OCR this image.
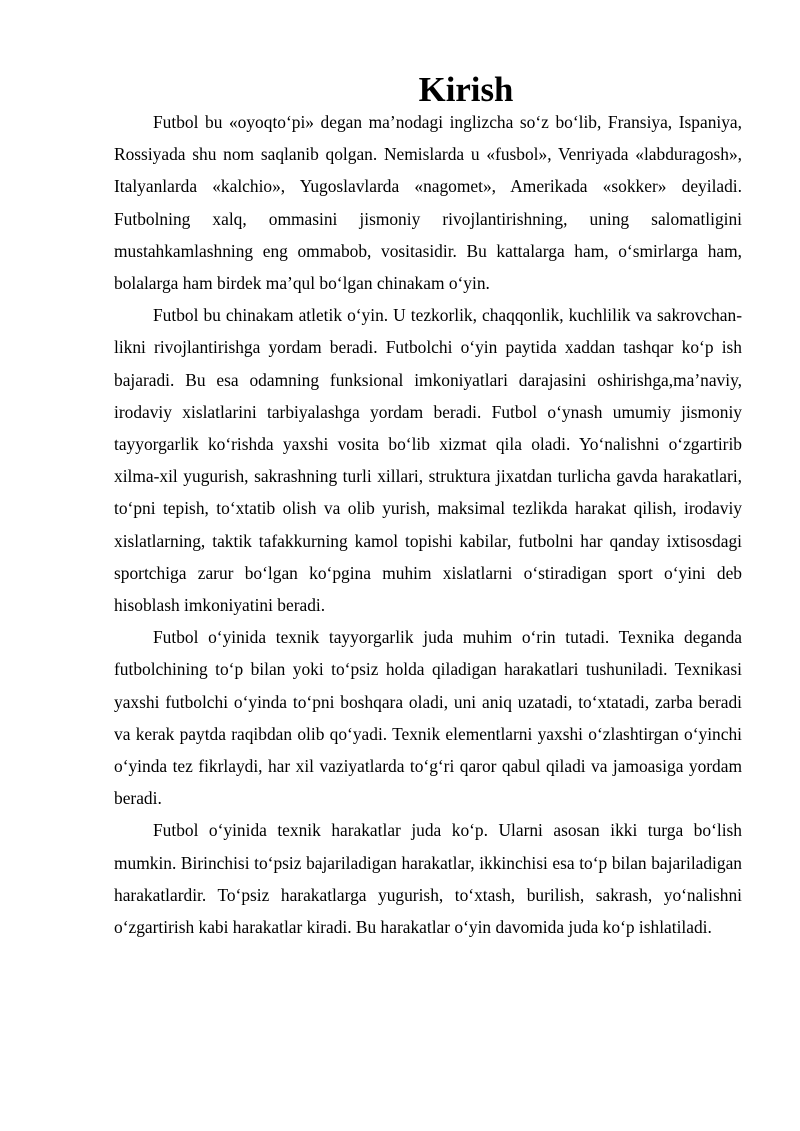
Kirish

Futbol bu «oyoqto‘pi» degan ma’nodagi inglizcha so‘z bo‘lib, Fransiya, Ispaniya, Rossiyada shu nom saqlanib qolgan. Nemislarda u «fusbol», Venriyada «labduragosh», Italyanlarda «kalchio», Yugoslavlarda «nagomet», Amerikada «sokker» deyiladi. Futbolning xalq, ommasini jismoniy rivojlantirishning, uning salomatligini mustahkamlashning eng ommabob, vositasidir. Bu kattalarga ham, o‘smirlarga ham, bolalarga ham birdek ma’qul bo‘lgan chinakam o‘yin.

Futbol bu chinakam atletik o‘yin. U tezkorlik, chaqqonlik, kuchlilik va sakrovchan-likni rivojlantirishga yordam beradi. Futbolchi o‘yin paytida xaddan tashqar ko‘p ish bajaradi. Bu esa odamning funksional imkoniyatlari darajasini oshirishga,ma’naviy, irodaviy xislatlarini tarbiyalashga yordam beradi. Futbol o‘ynash umumiy jismoniy tayyorgarlik ko‘rishda yaxshi vosita bo‘lib xizmat qila oladi. Yo‘nalishni o‘zgartirib xilma-xil yugurish, sakrashning turli xillari, struktura jixatdan turlicha gavda harakatlari, to‘pni tepish, to‘xtatib olish va olib yurish, maksimal tezlikda harakat qilish, irodaviy xislatlarning, taktik tafakkurning kamol topishi kabilar, futbolni har qanday ixtisosdagi sportchiga zarur bo‘lgan ko‘pgina muhim xislatlarni o‘stiradigan sport o‘yini deb hisoblash imkoniyatini beradi.

Futbol o‘yinida texnik tayyorgarlik juda muhim o‘rin tutadi. Texnika deganda futbolchining to‘p bilan yoki to‘psiz holda qiladigan harakatlari tushuniladi. Texnikasi yaxshi futbolchi o‘yinda to‘pni boshqara oladi, uni aniq uzatadi, to‘xtatadi, zarba beradi va kerak paytda raqibdan olib qo‘yadi. Texnik elementlarni yaxshi o‘zlashtirgan o‘yinchi o‘yinda tez fikrlaydi, har xil vaziyatlarda to‘g‘ri qaror qabul qiladi va jamoasiga yordam beradi.

Futbol o‘yinida texnik harakatlar juda ko‘p. Ularni asosan ikki turga bo‘lish mumkin. Birinchisi to‘psiz bajariladigan harakatlar, ikkinchisi esa to‘p bilan bajariladigan harakatlardir. To‘psiz harakatlarga yugurish, to‘xtash, burilish, sakrash, yo‘nalishni o‘zgartirish kabi harakatlar kiradi. Bu harakatlar o‘yin davomida juda ko‘p ishlatiladi.
